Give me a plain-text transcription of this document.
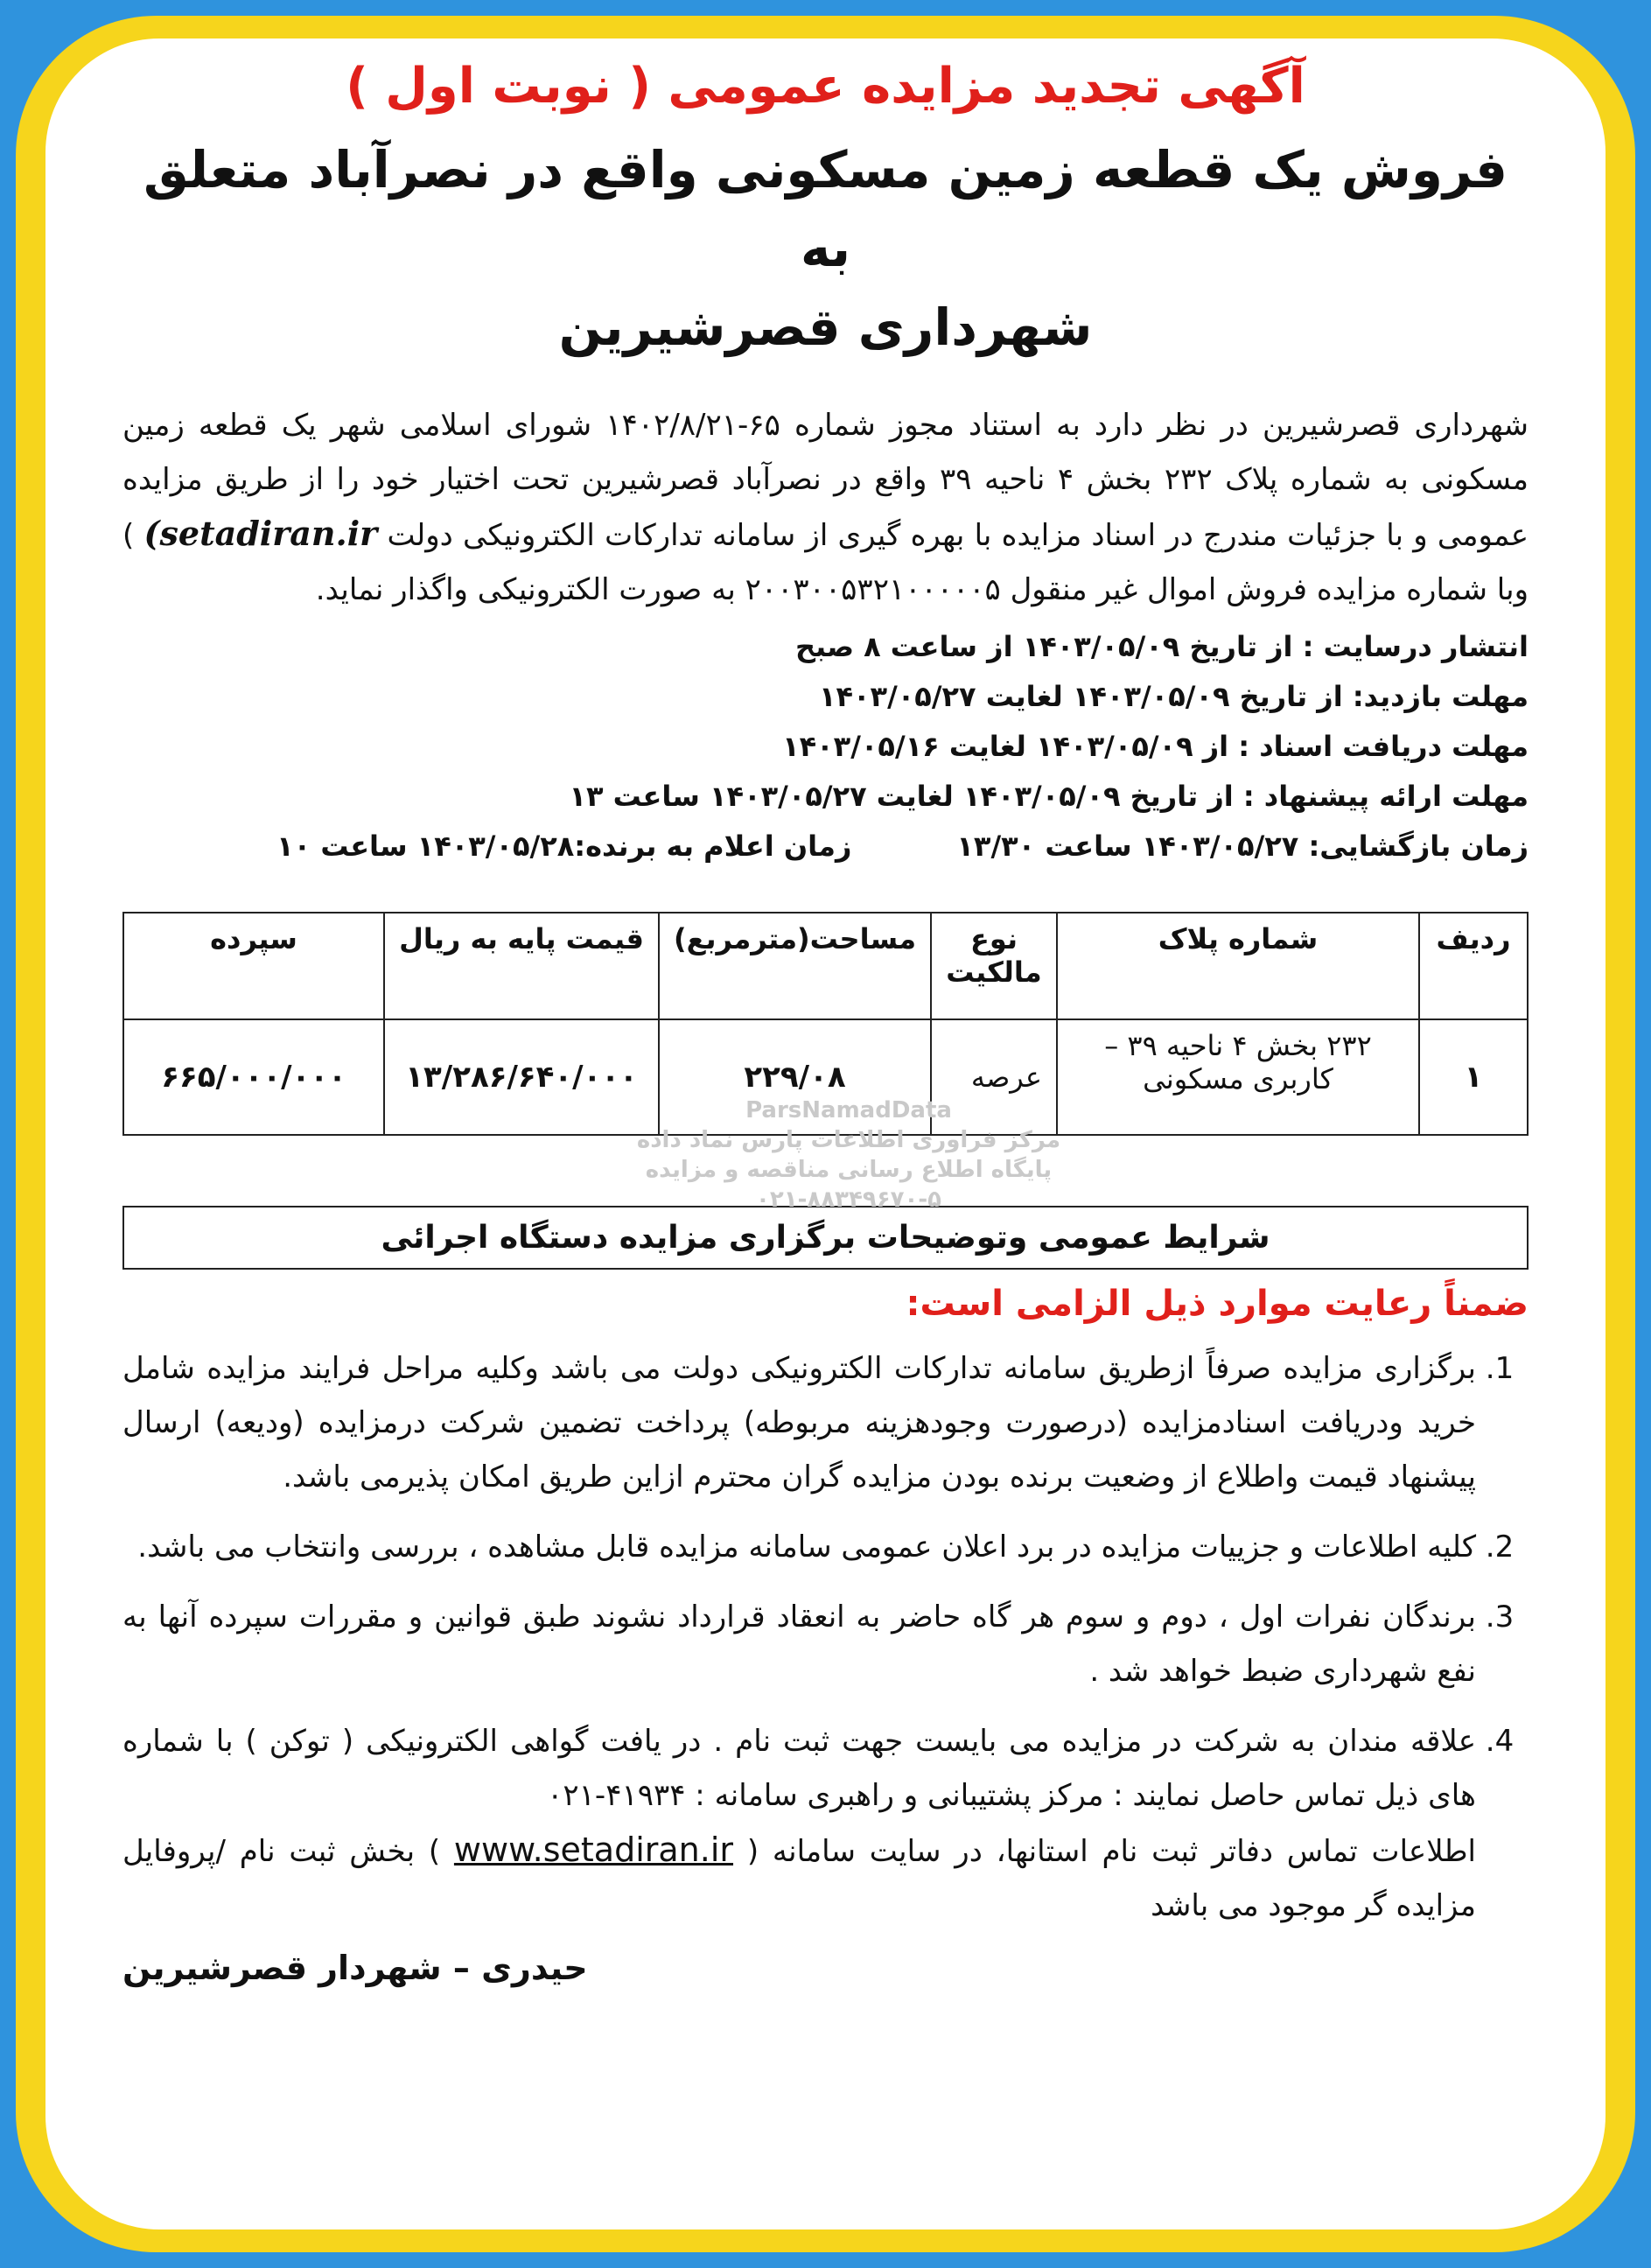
آگهی تجدید مزایده عمومی ( نوبت اول )
فروش یک قطعه زمین مسکونی واقع در نصرآباد متعلق به
شهرداری قصرشیرین
شهرداری قصرشیرین در نظر دارد به استناد مجوز شماره ۶۵-۱۴۰۲/۸/۲۱ شورای اسلامی شهر یک قطعه زمین مسکونی به شماره پلاک ۲۳۲ بخش ۴ ناحیه ۳۹ واقع در نصرآباد قصرشیرین تحت اختیار خود را از طریق مزایده عمومی و با جزئیات مندرج در اسناد مزایده با بهره گیری از سامانه تدارکات الکترونیکی دولت (setadiran.ir ) وبا شماره مزایده فروش اموال غیر منقول ۲۰۰۳۰۰۵۳۲۱۰۰۰۰۰۵ به صورت الکترونیکی واگذار نماید.
انتشار درسایت : از تاریخ ۱۴۰۳/۰۵/۰۹ از ساعت ۸ صبح
مهلت بازدید: از تاریخ ۱۴۰۳/۰۵/۰۹ لغایت ۱۴۰۳/۰۵/۲۷
مهلت دریافت اسناد : از ۱۴۰۳/۰۵/۰۹ لغایت ۱۴۰۳/۰۵/۱۶
مهلت ارائه پیشنهاد : از تاریخ ۱۴۰۳/۰۵/۰۹ لغایت ۱۴۰۳/۰۵/۲۷ ساعت ۱۳
زمان بازگشایی: ۱۴۰۳/۰۵/۲۷ ساعت ۱۳/۳۰
زمان اعلام به برنده:۱۴۰۳/۰۵/۲۸ ساعت ۱۰
ردیف	شماره پلاک	نوع مالکیت	مساحت(مترمربع)	قیمت پایه به ریال	سپرده
۱	۲۳۲ بخش ۴ ناحیه ۳۹ – کاربری مسکونی	عرصه	۲۲۹/۰۸	۱۳/۲۸۶/۶۴۰/۰۰۰	۶۶۵/۰۰۰/۰۰۰
ParsNamadData
مرکز فراوری اطلاعات پارس نماد داده
پایگاه اطلاع رسانی مناقصه و مزایده
۰۲۱-۸۸۳۴۹۶۷۰-۵
شرایط عمومی وتوضیحات برگزاری مزایده دستگاه اجرائی
ضمناً رعایت موارد ذیل الزامی است:
1. برگزاری مزایده صرفاً ازطریق سامانه تدارکات الکترونیکی دولت می باشد وکلیه مراحل فرایند مزایده شامل خرید ودریافت اسنادمزایده (درصورت وجودهزینه مربوطه) پرداخت تضمین شرکت درمزایده (ودیعه) ارسال پیشنهاد قیمت واطلاع از وضعیت برنده بودن مزایده گران محترم ازاین طریق امکان پذیرمی باشد.
2. کلیه اطلاعات و جزییات مزایده در برد اعلان عمومی سامانه مزایده قابل مشاهده ، بررسی وانتخاب می باشد.
3. برندگان نفرات اول ، دوم و سوم هر گاه حاضر به انعقاد قرارداد نشوند طبق قوانین و مقررات سپرده آنها به نفع شهرداری ضبط خواهد شد .
4. علاقه مندان به شرکت در مزایده می بایست جهت ثبت نام . در یافت گواهی الکترونیکی ( توکن ) با شماره های ذیل تماس حاصل نمایند : مرکز پشتیبانی و راهبری سامانه : ۴۱۹۳۴-۰۲۱
اطلاعات تماس دفاتر ثبت نام استانها، در سایت سامانه ( www.setadiran.ir ) بخش ثبت نام /پروفایل مزایده گر موجود می باشد
حیدری – شهردار قصرشیرین
